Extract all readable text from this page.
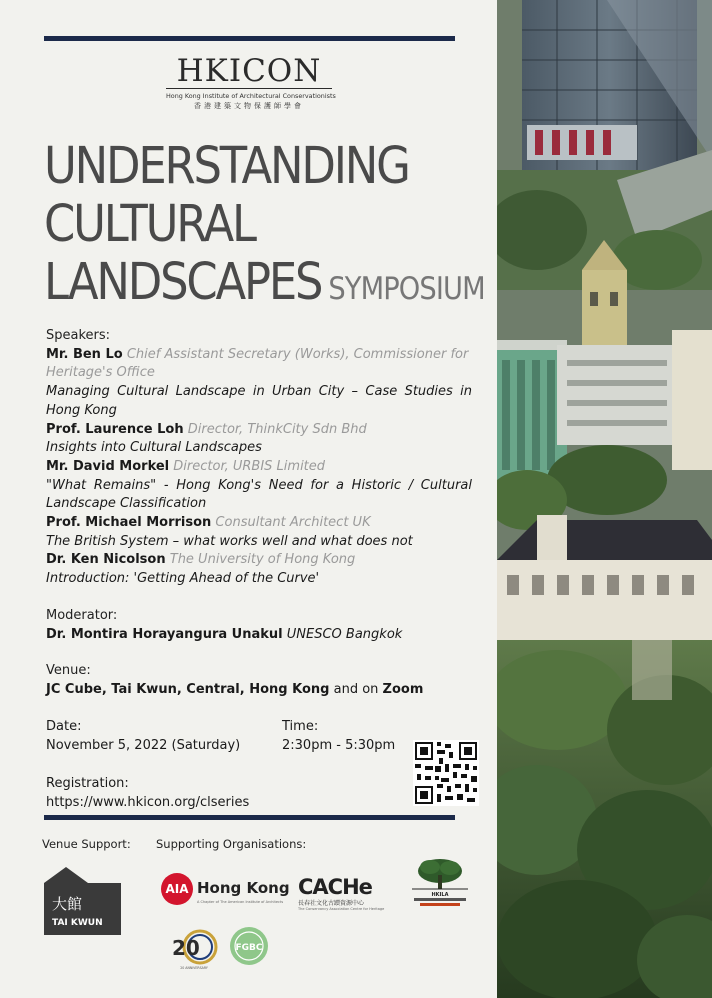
HKICON
Hong Kong Institute of Architectural Conservationists
香港建築文物保護師學會
UNDERSTANDING
CULTURAL
LANDSCAPES SYMPOSIUM
Speakers:
Mr. Ben Lo Chief Assistant Secretary (Works), Commissioner for Heritage's Office
Managing Cultural Landscape in Urban City – Case Studies in Hong Kong
Prof. Laurence Loh Director, ThinkCity Sdn Bhd
Insights into Cultural Landscapes
Mr. David Morkel Director, URBIS Limited
"What Remains" - Hong Kong's Need for a Historic / Cultural Landscape Classification
Prof. Michael Morrison Consultant Architect UK
The British System – what works well and what does not
Dr. Ken Nicolson The University of Hong Kong
Introduction: 'Getting Ahead of the Curve'
Moderator:
Dr. Montira Horayangura Unakul UNESCO Bangkok
Venue:
JC Cube, Tai Kwun, Central, Hong Kong and on Zoom
Date:
November 5, 2022 (Saturday)
Time:
2:30pm - 5:30pm
Registration:
https://www.hkicon.org/clseries
Venue Support: Supporting Organisations:
大館
TAI KWUN
AIA Hong Kong
A Chapter of The American Institute of Architects
CACHe
長春社文化古蹟資源中心
The Conservancy Association Centre for Heritage
HKILA
20
20 ANNIVERSARY
FGBC
